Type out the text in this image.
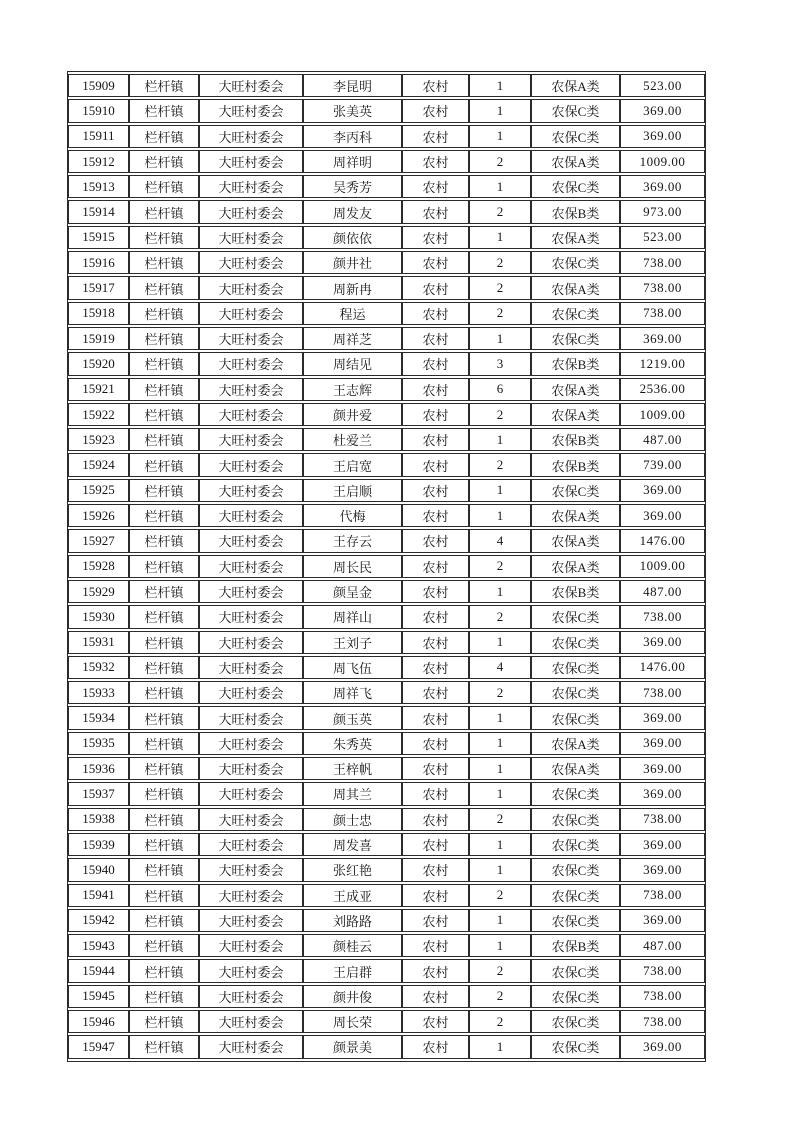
15909	栏杆镇	大旺村委会	李昆明	农村	1	农保A类	523.00
15910	栏杆镇	大旺村委会	张美英	农村	1	农保C类	369.00
15911	栏杆镇	大旺村委会	李丙科	农村	1	农保C类	369.00
15912	栏杆镇	大旺村委会	周祥明	农村	2	农保A类	1009.00
15913	栏杆镇	大旺村委会	吴秀芳	农村	1	农保C类	369.00
15914	栏杆镇	大旺村委会	周发友	农村	2	农保B类	973.00
15915	栏杆镇	大旺村委会	颜依依	农村	1	农保A类	523.00
15916	栏杆镇	大旺村委会	颜井社	农村	2	农保C类	738.00
15917	栏杆镇	大旺村委会	周新冉	农村	2	农保A类	738.00
15918	栏杆镇	大旺村委会	程运	农村	2	农保C类	738.00
15919	栏杆镇	大旺村委会	周祥芝	农村	1	农保C类	369.00
15920	栏杆镇	大旺村委会	周结见	农村	3	农保B类	1219.00
15921	栏杆镇	大旺村委会	王志辉	农村	6	农保A类	2536.00
15922	栏杆镇	大旺村委会	颜井爱	农村	2	农保A类	1009.00
15923	栏杆镇	大旺村委会	杜爱兰	农村	1	农保B类	487.00
15924	栏杆镇	大旺村委会	王启宽	农村	2	农保B类	739.00
15925	栏杆镇	大旺村委会	王启顺	农村	1	农保C类	369.00
15926	栏杆镇	大旺村委会	代梅	农村	1	农保A类	369.00
15927	栏杆镇	大旺村委会	王存云	农村	4	农保A类	1476.00
15928	栏杆镇	大旺村委会	周长民	农村	2	农保A类	1009.00
15929	栏杆镇	大旺村委会	颜呈金	农村	1	农保B类	487.00
15930	栏杆镇	大旺村委会	周祥山	农村	2	农保C类	738.00
15931	栏杆镇	大旺村委会	王刘子	农村	1	农保C类	369.00
15932	栏杆镇	大旺村委会	周飞伍	农村	4	农保C类	1476.00
15933	栏杆镇	大旺村委会	周祥飞	农村	2	农保C类	738.00
15934	栏杆镇	大旺村委会	颜玉英	农村	1	农保C类	369.00
15935	栏杆镇	大旺村委会	朱秀英	农村	1	农保A类	369.00
15936	栏杆镇	大旺村委会	王梓帆	农村	1	农保A类	369.00
15937	栏杆镇	大旺村委会	周其兰	农村	1	农保C类	369.00
15938	栏杆镇	大旺村委会	颜士忠	农村	2	农保C类	738.00
15939	栏杆镇	大旺村委会	周发喜	农村	1	农保C类	369.00
15940	栏杆镇	大旺村委会	张红艳	农村	1	农保C类	369.00
15941	栏杆镇	大旺村委会	王成亚	农村	2	农保C类	738.00
15942	栏杆镇	大旺村委会	刘路路	农村	1	农保C类	369.00
15943	栏杆镇	大旺村委会	颜桂云	农村	1	农保B类	487.00
15944	栏杆镇	大旺村委会	王启群	农村	2	农保C类	738.00
15945	栏杆镇	大旺村委会	颜井俊	农村	2	农保C类	738.00
15946	栏杆镇	大旺村委会	周长荣	农村	2	农保C类	738.00
15947	栏杆镇	大旺村委会	颜景美	农村	1	农保C类	369.00
